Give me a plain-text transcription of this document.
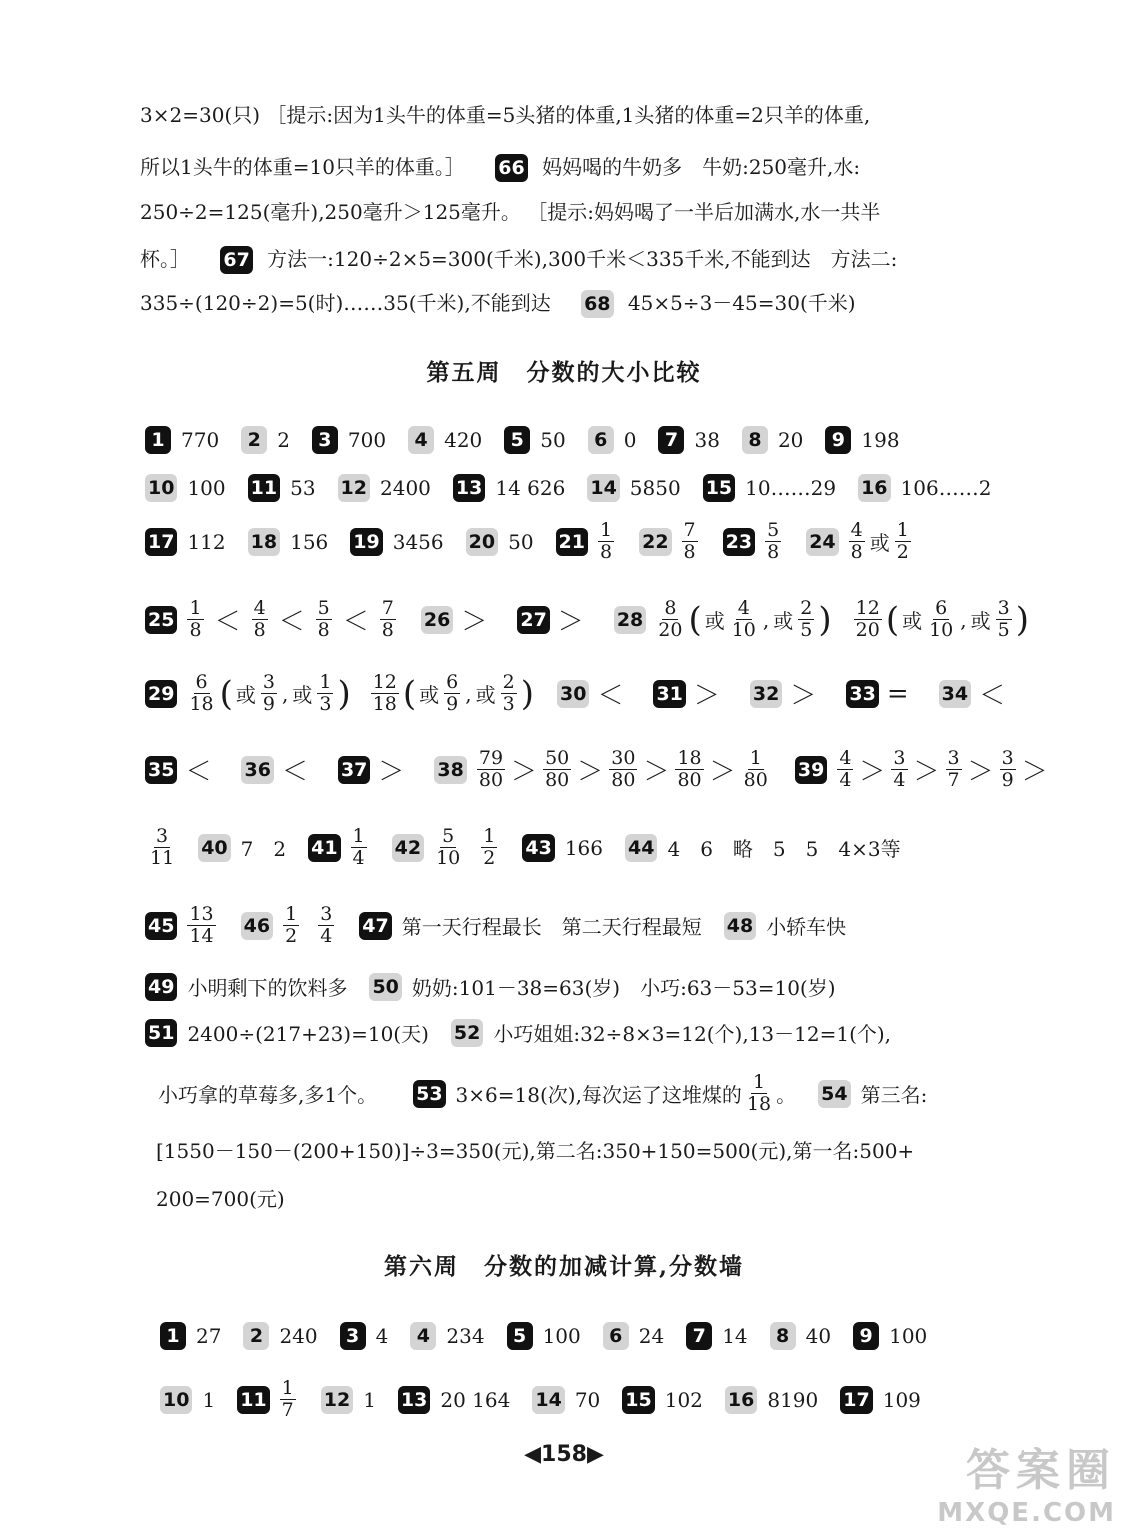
3×2=30(只) ［提示:因为1头牛的体重=5头猪的体重,1头猪的体重=2只羊的体重,
所以1头牛的体重=10只羊的体重。］ 66 妈妈喝的牛奶多　牛奶:250毫升,水:
250÷2=125(毫升),250毫升＞125毫升。 ［提示:妈妈喝了一半后加满水,水一共半
杯。］ 67 方法一:120÷2×5=300(千米),300千米＜335千米,不能到达　方法二:
335÷(120÷2)=5(时)……35(千米),不能到达 68 45×5÷3－45=30(千米)
第五周　分数的大小比较
1 770	2 2	3 700	4 420	5 50	6 0	7 38	8 20	9 198
10 100 11 53 12 2400 13 14 626 14 5850 15 10……29 16 106……2
17 112 18 156 19 3456 20 50 $21 \frac{1}{8} 22 \frac{7}{8} 23 \frac{5}{8} 24 \frac{4}{8}$ 或 $\frac{1}{2}$
$25 \frac{1}{8} < \frac{4}{8} < \frac{5}{8} < \frac{7}{8} 26 > 27 > 28 \frac{8}{20}$ ( 或 $\frac{4}{10}$ , 或 $\frac{2}{5}$ ) $\frac{12}{20}$ ( 或 $\frac{6}{10}$ , 或 $\frac{3}{5}$ )
$29 \frac{6}{18}$ ( 或 $\frac{3}{9}$ , 或 $\frac{1}{3}$ ) $\frac{12}{18}$ ( 或 $\frac{6}{9}$ , 或 $\frac{2}{3}$ ) 30 ＜ 31 ＞ 32 ＞ 33 = 34 ＜
$35 < 36 < 37 > 38 \frac{79}{80} > \frac{50}{80} > \frac{30}{80} > \frac{18}{80} > \frac{1}{80} 39 \frac{4}{4} > \frac{3}{4} > \frac{3}{7} > \frac{3}{9}$ ＞
$\frac{3}{11} 40$ 7　2 $41 \frac{1}{4} 42 \frac{5}{10} \frac{1}{2} 43$ 166 44 4　6　略　5　5　4×3等
$45 \frac{13}{14} 46 \frac{1}{2} \frac{3}{4} 47$ 第一天行程最长　第二天行程最短 48 小轿车快
49 小明剩下的饮料多 50 奶奶:101－38=63(岁)　小巧:63－53=10(岁)
51 2400÷(217+23)=10(天) 52 小巧姐姐:32÷8×3=12(个),13－12=1(个),
小巧拿的草莓多,多1个。 53 3×6=18(次),每次运了这堆煤的 $\frac{1}{18}$ 。 54 第三名:
[1550－150－(200+150)]÷3=350(元),第二名:350+150=500(元),第一名:500+
200=700(元)
第六周　分数的加减计算,分数墙
1 27	2 240	3 4	4 234	5 100	6 24	7 14	8 40	9 100
10 1 $11 \frac{1}{7} 12$ 1 13 20 164 14 70 15 102 16 8190 17 109
◀158▶	答案圈
MXQE.COM
